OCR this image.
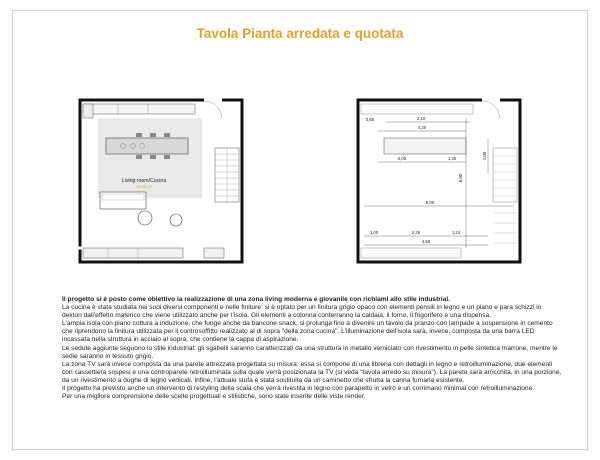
Tavola Pianta arredata e quotata
Living room/Cucina
38,30 m²
0,60	2,10
4,20
2,00	1,30	1,00
6,80
5,00
1,00	2,26	1,24
4,50

Il progetto si è posto come obiettivo la realizzazione di una zona living moderna e giovanile con richiami allo stile industrial.

La cucina è stata studiata nei suoi diversi componenti e nelle finiture: si è optato per un finitura grigio opaco con elementi pensili in legno e un piano e para schizzi in dekton dall'effetto materico che viene utilizzato anche per l'isola. Gli elementi a colonna conterranno la caldaia, il forno, il frigorifero e una dispensa.

L'ampia isola con piano cottura a induzione, che funge anche da bancone snack, si prolunga fino a divenire un tavolo da pranzo con lampade a sospensione in cemento che riprendono la finitura utilizzata per il controsoffitto realizzato al di sopra "della zona cucina". L'illuminazione dell'isola sarà, invece, composta da una barra LED incassata nella struttura in acciaio al sopra, che contiene la cappa di aspirazione.

Le sedute aggiunte seguono lo stile industrial: gli sgabelli saranno caratterizzati da una struttura in metallo verniciato con rivestimento in pelle sintetica marrone, mentre le sedie saranno in tessuto grigio.

La zona TV sarà invece composta da una parete attrezzata progettata su misura: essa si compone di una libreria con dettagli in legno e retroilluminazione, due elementi con cassettiera sospesi e una controparete retroilluminata sulla quale verrà posizionata la TV (si veda "tavola arredo su misura"). La parete sarà arricchita, in una porzione, da un rivestimento a doghe di legno verticali. Infine, l'attuale stufa è stata sostituita da un caminetto che sfrutta la canna fumaria esistente.

Il progetto ha previsto anche un intervento di restyling della scala che verrà rivestita in legno con parapetto in vetro e un corrimano minimal con retroilluminazione.

Per una migliore comprensione delle scelte progettuali e stilistiche, sono state inserite delle viste render.
